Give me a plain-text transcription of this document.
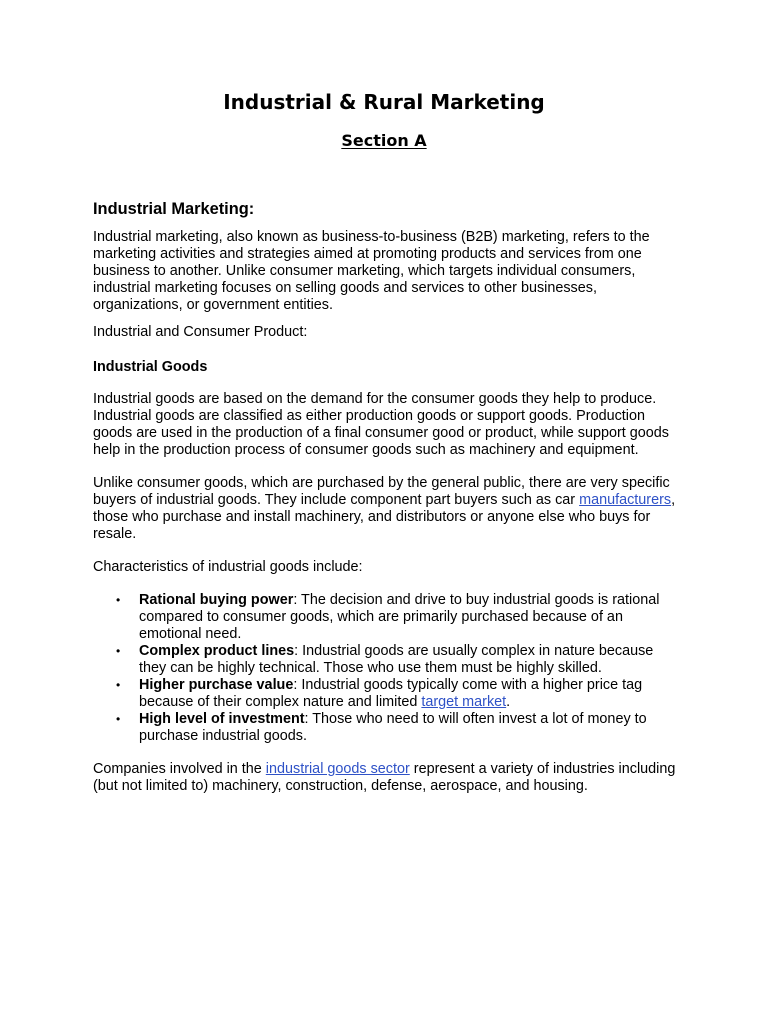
Industrial & Rural Marketing
Section A
Industrial Marketing:

Industrial marketing, also known as business-to-business (B2B) marketing, refers to the marketing activities and strategies aimed at promoting products and services from one business to another. Unlike consumer marketing, which targets individual consumers, industrial marketing focuses on selling goods and services to other businesses, organizations, or government entities.

Industrial and Consumer Product:

Industrial Goods

Industrial goods are based on the demand for the consumer goods they help to produce. Industrial goods are classified as either production goods or support goods. Production goods are used in the production of a final consumer good or product, while support goods help in the production process of consumer goods such as machinery and equipment.

Unlike consumer goods, which are purchased by the general public, there are very specific buyers of industrial goods. They include component part buyers such as car manufacturers, those who purchase and install machinery, and distributors or anyone else who buys for resale.

Characteristics of industrial goods include:

• Rational buying power: The decision and drive to buy industrial goods is rational compared to consumer goods, which are primarily purchased because of an emotional need.
• Complex product lines: Industrial goods are usually complex in nature because they can be highly technical. Those who use them must be highly skilled.
• Higher purchase value: Industrial goods typically come with a higher price tag because of their complex nature and limited target market.
• High level of investment: Those who need to will often invest a lot of money to purchase industrial goods.

Companies involved in the industrial goods sector represent a variety of industries including (but not limited to) machinery, construction, defense, aerospace, and housing.
